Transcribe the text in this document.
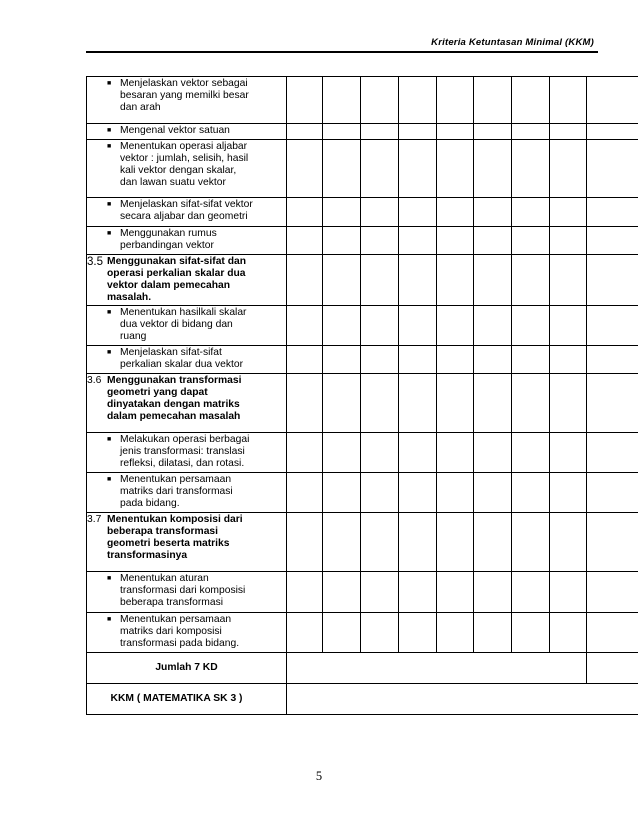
Kriteria Ketuntasan Minimal (KKM)
■ Menjelaskan vektor sebagai
besaran yang memilki besar
dan arah									

■ Mengenal vektor satuan									

■ Menentukan operasi aljabar
vektor : jumlah, selisih, hasil
kali vektor dengan skalar,
dan lawan suatu vektor									

■ Menjelaskan sifat-sifat vektor
secara aljabar dan geometri									

■ Menggunakan rumus
perbandingan vektor									

3.5 Menggunakan sifat-sifat dan
operasi perkalian skalar dua
vektor dalam pemecahan
masalah.									

■ Menentukan hasilkali skalar
dua vektor di bidang dan
ruang									

■ Menjelaskan sifat-sifat
perkalian skalar dua vektor									

3.6 Menggunakan transformasi
geometri yang dapat
dinyatakan dengan matriks
dalam pemecahan masalah									

■ Melakukan operasi berbagai
jenis transformasi: translasi
refleksi, dilatasi, dan rotasi.									

■ Menentukan persamaan
matriks dari transformasi
pada bidang.									

3.7 Menentukan komposisi dari
beberapa transformasi
geometri beserta matriks
transformasinya									

■ Menentukan aturan
transformasi dari komposisi
beberapa transformasi									

■ Menentukan persamaan
matriks dari komposisi
transformasi pada bidang.									

Jumlah 7 KD									
KKM ( MATEMATIKA SK 3 )									
5
